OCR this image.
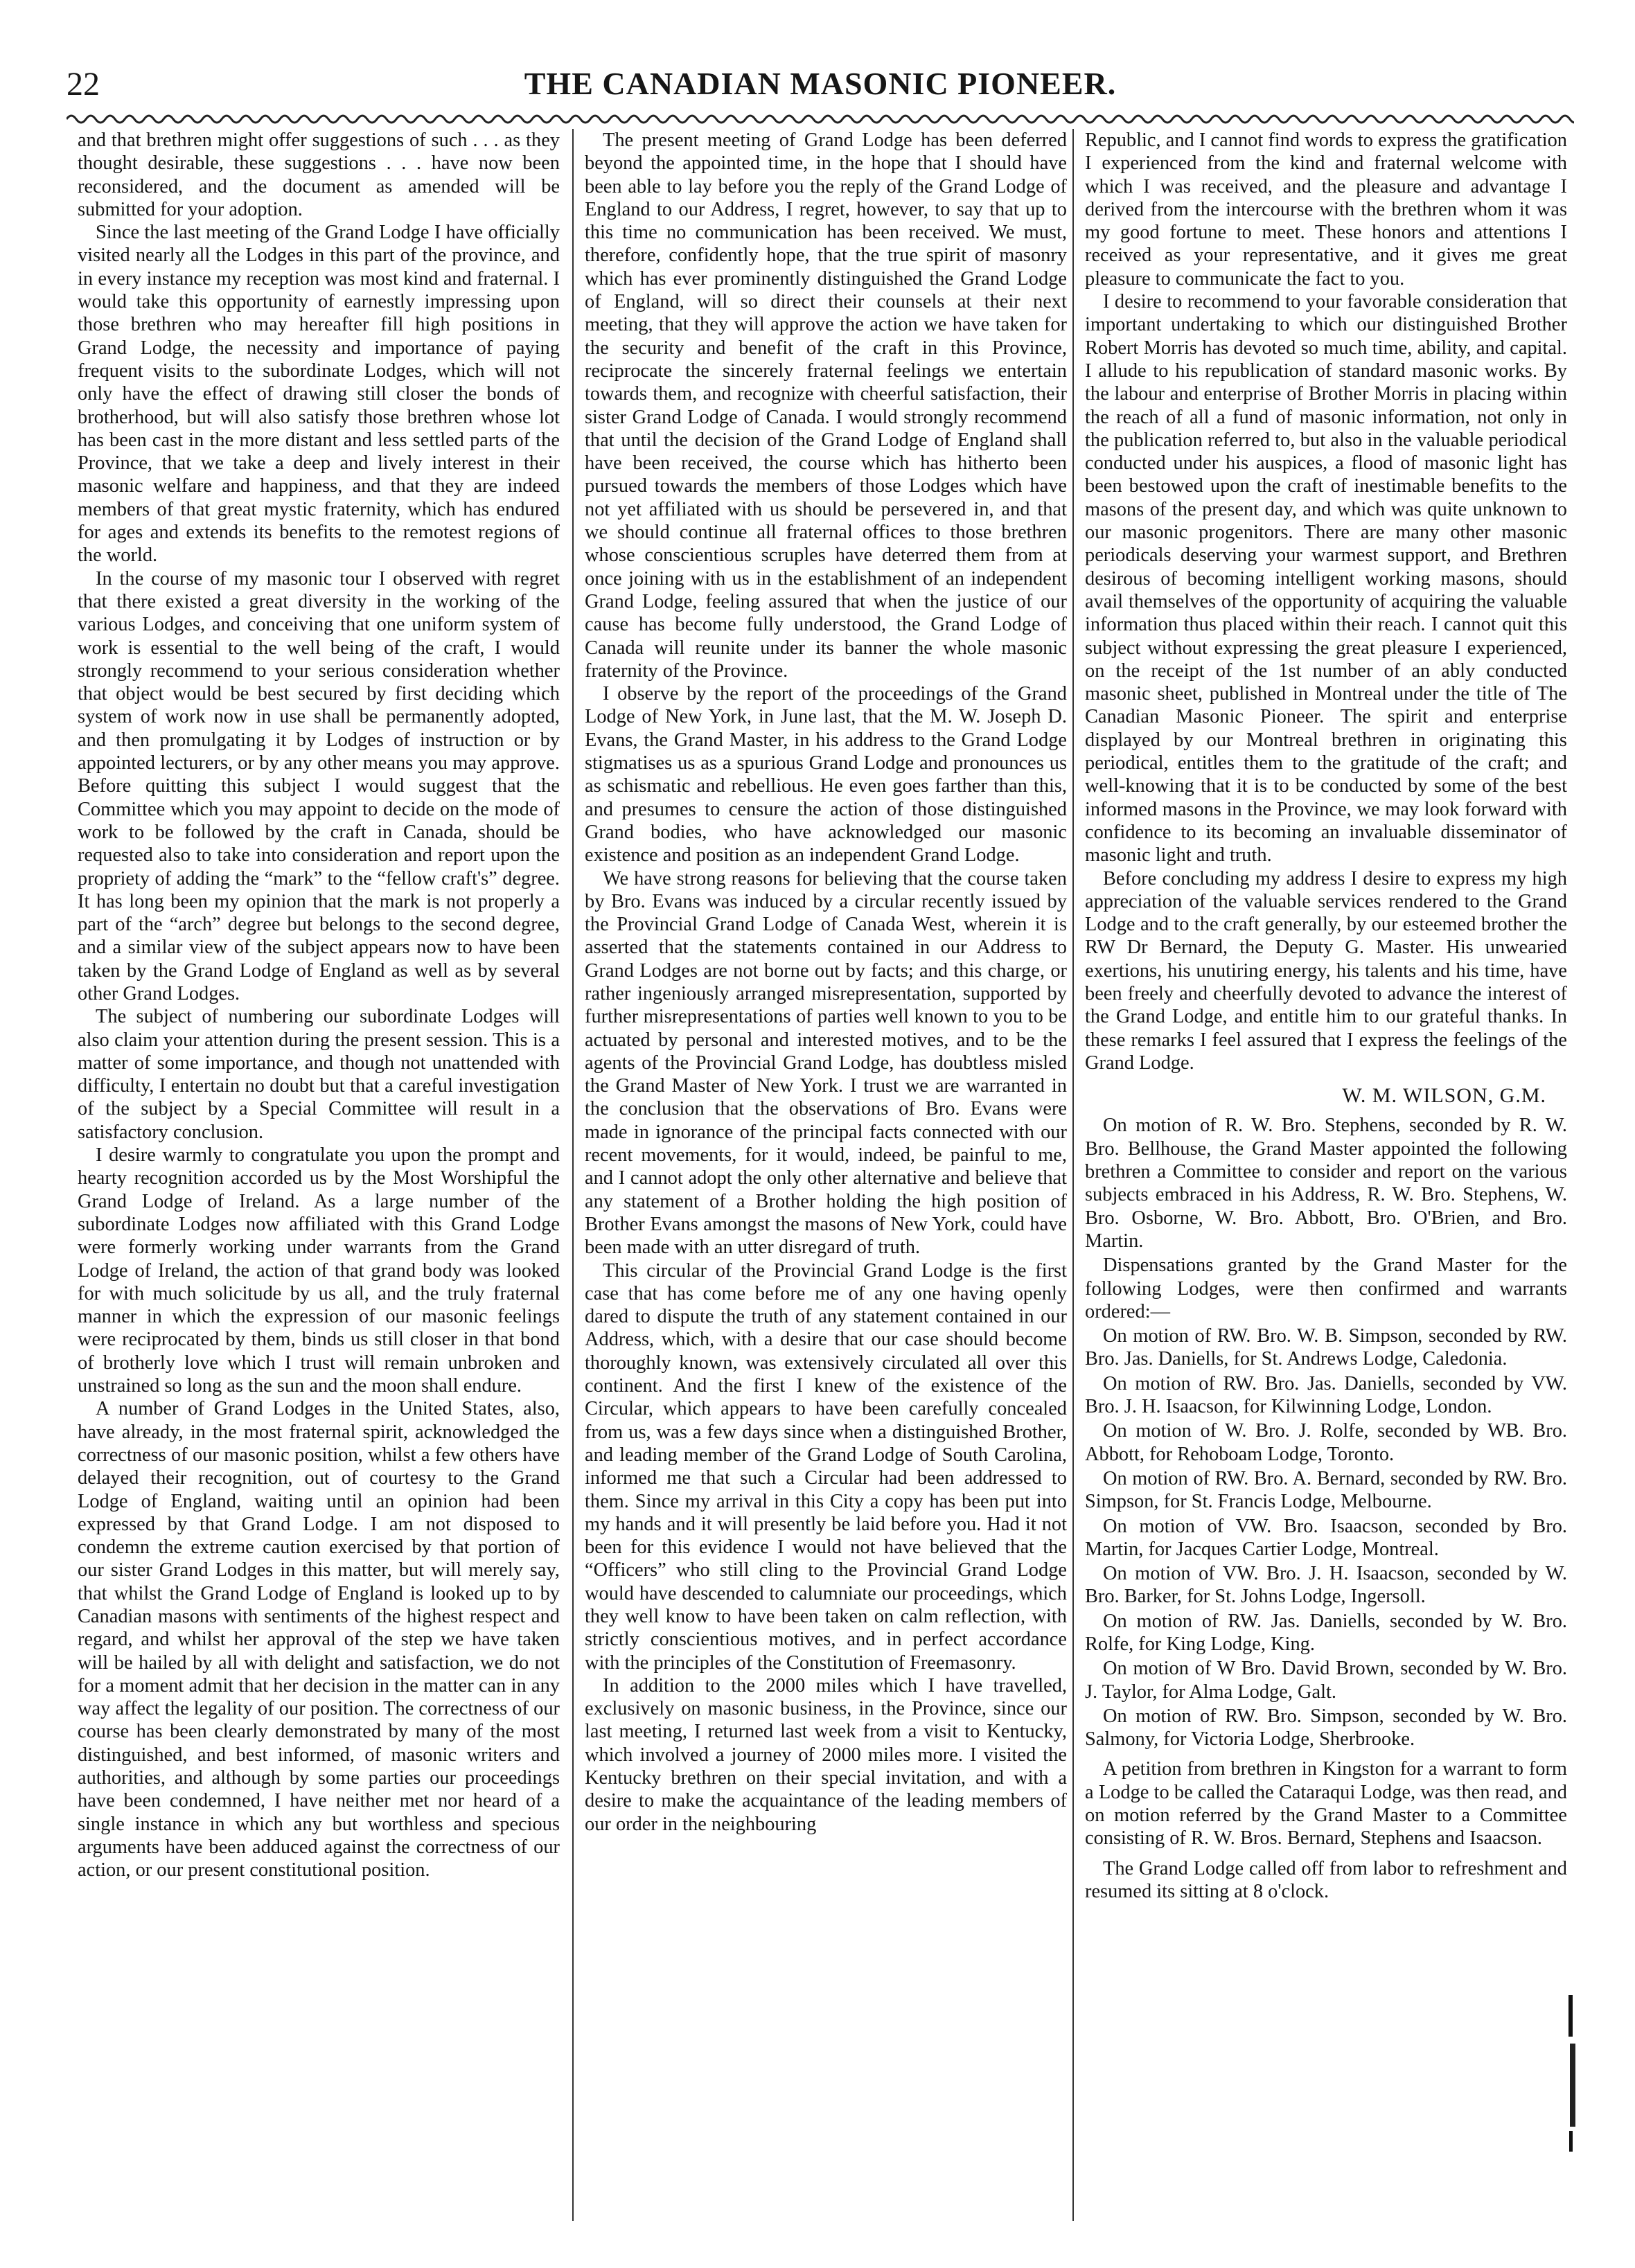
22	THE CANADIAN MASONIC PIONEER.

and that brethren might offer suggestions of such . . . as they thought desirable, these suggestions . . . have now been reconsidered, and the document as amended will be submitted for your adoption.

Since the last meeting of the Grand Lodge I have officially visited nearly all the Lodges in this part of the province, and in every instance my reception was most kind and fraternal. I would take this opportunity of earnestly impressing upon those brethren who may hereafter fill high positions in Grand Lodge, the necessity and importance of paying frequent visits to the subordinate Lodges, which will not only have the effect of drawing still closer the bonds of brotherhood, but will also satisfy those brethren whose lot has been cast in the more distant and less settled parts of the Province, that we take a deep and lively interest in their masonic welfare and happiness, and that they are indeed members of that great mystic fraternity, which has endured for ages and extends its benefits to the remotest regions of the world.

In the course of my masonic tour I observed with regret that there existed a great diversity in the working of the various Lodges, and conceiving that one uniform system of work is essential to the well being of the craft, I would strongly recommend to your serious consideration whether that object would be best secured by first deciding which system of work now in use shall be permanently adopted, and then promulgating it by Lodges of instruction or by appointed lecturers, or by any other means you may approve. Before quitting this subject I would suggest that the Committee which you may appoint to decide on the mode of work to be followed by the craft in Canada, should be requested also to take into consideration and report upon the propriety of adding the “mark” to the “fellow craft's” degree. It has long been my opinion that the mark is not properly a part of the “arch” degree but belongs to the second degree, and a similar view of the subject appears now to have been taken by the Grand Lodge of England as well as by several other Grand Lodges.

The subject of numbering our subordinate Lodges will also claim your attention during the present session. This is a matter of some importance, and though not unattended with difficulty, I entertain no doubt but that a careful investigation of the subject by a Special Committee will result in a satisfactory conclusion.

I desire warmly to congratulate you upon the prompt and hearty recognition accorded us by the Most Worshipful the Grand Lodge of Ireland. As a large number of the subordinate Lodges now affiliated with this Grand Lodge were formerly working under warrants from the Grand Lodge of Ireland, the action of that grand body was looked for with much solicitude by us all, and the truly fraternal manner in which the expression of our masonic feelings were reciprocated by them, binds us still closer in that bond of brotherly love which I trust will remain unbroken and unstrained so long as the sun and the moon shall endure.

A number of Grand Lodges in the United States, also, have already, in the most fraternal spirit, acknowledged the correctness of our masonic position, whilst a few others have delayed their recognition, out of courtesy to the Grand Lodge of England, waiting until an opinion had been expressed by that Grand Lodge. I am not disposed to condemn the extreme caution exercised by that portion of our sister Grand Lodges in this matter, but will merely say, that whilst the Grand Lodge of England is looked up to by Canadian masons with sentiments of the highest respect and regard, and whilst her approval of the step we have taken will be hailed by all with delight and satisfaction, we do not for a moment admit that her decision in the matter can in any way affect the legality of our position. The correctness of our course has been clearly demonstrated by many of the most distinguished, and best informed, of masonic writers and authorities, and although by some parties our proceedings have been condemned, I have neither met nor heard of a single instance in which any but worthless and specious arguments have been adduced against the correctness of our action, or our present constitutional position.

The present meeting of Grand Lodge has been deferred beyond the appointed time, in the hope that I should have been able to lay before you the reply of the Grand Lodge of England to our Address, I regret, however, to say that up to this time no communication has been received. We must, therefore, confidently hope, that the true spirit of masonry which has ever prominently distinguished the Grand Lodge of England, will so direct their counsels at their next meeting, that they will approve the action we have taken for the security and benefit of the craft in this Province, reciprocate the sincerely fraternal feelings we entertain towards them, and recognize with cheerful satisfaction, their sister Grand Lodge of Canada. I would strongly recommend that until the decision of the Grand Lodge of England shall have been received, the course which has hitherto been pursued towards the members of those Lodges which have not yet affiliated with us should be persevered in, and that we should continue all fraternal offices to those brethren whose conscientious scruples have deterred them from at once joining with us in the establishment of an independent Grand Lodge, feeling assured that when the justice of our cause has become fully understood, the Grand Lodge of Canada will reunite under its banner the whole masonic fraternity of the Province.

I observe by the report of the proceedings of the Grand Lodge of New York, in June last, that the M. W. Joseph D. Evans, the Grand Master, in his address to the Grand Lodge stigmatises us as a spurious Grand Lodge and pronounces us as schismatic and rebellious. He even goes farther than this, and presumes to censure the action of those distinguished Grand bodies, who have acknowledged our masonic existence and position as an independent Grand Lodge.

We have strong reasons for believing that the course taken by Bro. Evans was induced by a circular recently issued by the Provincial Grand Lodge of Canada West, wherein it is asserted that the statements contained in our Address to Grand Lodges are not borne out by facts; and this charge, or rather ingeniously arranged misrepresentation, supported by further misrepresentations of parties well known to you to be actuated by personal and interested motives, and to be the agents of the Provincial Grand Lodge, has doubtless misled the Grand Master of New York. I trust we are warranted in the conclusion that the observations of Bro. Evans were made in ignorance of the principal facts connected with our recent movements, for it would, indeed, be painful to me, and I cannot adopt the only other alternative and believe that any statement of a Brother holding the high position of Brother Evans amongst the masons of New York, could have been made with an utter disregard of truth.

This circular of the Provincial Grand Lodge is the first case that has come before me of any one having openly dared to dispute the truth of any statement contained in our Address, which, with a desire that our case should become thoroughly known, was extensively circulated all over this continent. And the first I knew of the existence of the Circular, which appears to have been carefully concealed from us, was a few days since when a distinguished Brother, and leading member of the Grand Lodge of South Carolina, informed me that such a Circular had been addressed to them. Since my arrival in this City a copy has been put into my hands and it will presently be laid before you. Had it not been for this evidence I would not have believed that the “Officers” who still cling to the Provincial Grand Lodge would have descended to calumniate our proceedings, which they well know to have been taken on calm reflection, with strictly conscientious motives, and in perfect accordance with the principles of the Constitution of Freemasonry.

In addition to the 2000 miles which I have travelled, exclusively on masonic business, in the Province, since our last meeting, I returned last week from a visit to Kentucky, which involved a journey of 2000 miles more. I visited the Kentucky brethren on their special invitation, and with a desire to make the acquaintance of the leading members of our order in the neighbouring

Republic, and I cannot find words to express the gratification I experienced from the kind and fraternal welcome with which I was received, and the pleasure and advantage I derived from the intercourse with the brethren whom it was my good fortune to meet. These honors and attentions I received as your representative, and it gives me great pleasure to communicate the fact to you.

I desire to recommend to your favorable consideration that important undertaking to which our distinguished Brother Robert Morris has devoted so much time, ability, and capital. I allude to his republication of standard masonic works. By the labour and enterprise of Brother Morris in placing within the reach of all a fund of masonic information, not only in the publication referred to, but also in the valuable periodical conducted under his auspices, a flood of masonic light has been bestowed upon the craft of inestimable benefits to the masons of the present day, and which was quite unknown to our masonic progenitors. There are many other masonic periodicals deserving your warmest support, and Brethren desirous of becoming intelligent working masons, should avail themselves of the opportunity of acquiring the valuable information thus placed within their reach. I cannot quit this subject without expressing the great pleasure I experienced, on the receipt of the 1st number of an ably conducted masonic sheet, published in Montreal under the title of The Canadian Masonic Pioneer. The spirit and enterprise displayed by our Montreal brethren in originating this periodical, entitles them to the gratitude of the craft; and well-knowing that it is to be conducted by some of the best informed masons in the Province, we may look forward with confidence to its becoming an invaluable disseminator of masonic light and truth.

Before concluding my address I desire to express my high appreciation of the valuable services rendered to the Grand Lodge and to the craft generally, by our esteemed brother the RW Dr Bernard, the Deputy G. Master. His unwearied exertions, his unutiring energy, his talents and his time, have been freely and cheerfully devoted to advance the interest of the Grand Lodge, and entitle him to our grateful thanks. In these remarks I feel assured that I express the feelings of the Grand Lodge.

W. M. WILSON, G.M.

On motion of R. W. Bro. Stephens, seconded by R. W. Bro. Bellhouse, the Grand Master appointed the following brethren a Committee to consider and report on the various subjects embraced in his Address, R. W. Bro. Stephens, W. Bro. Osborne, W. Bro. Abbott, Bro. O'Brien, and Bro. Martin.

Dispensations granted by the Grand Master for the following Lodges, were then confirmed and warrants ordered:—

On motion of RW. Bro. W. B. Simpson, seconded by RW. Bro. Jas. Daniells, for St. Andrews Lodge, Caledonia.

On motion of RW. Bro. Jas. Daniells, seconded by VW. Bro. J. H. Isaacson, for Kilwinning Lodge, London.

On motion of W. Bro. J. Rolfe, seconded by WB. Bro. Abbott, for Rehoboam Lodge, Toronto.

On motion of RW. Bro. A. Bernard, seconded by RW. Bro. Simpson, for St. Francis Lodge, Melbourne.

On motion of VW. Bro. Isaacson, seconded by Bro. Martin, for Jacques Cartier Lodge, Montreal.

On motion of VW. Bro. J. H. Isaacson, seconded by W. Bro. Barker, for St. Johns Lodge, Ingersoll.

On motion of RW. Jas. Daniells, seconded by W. Bro. Rolfe, for King Lodge, King.

On motion of W Bro. David Brown, seconded by W. Bro. J. Taylor, for Alma Lodge, Galt.

On motion of RW. Bro. Simpson, seconded by W. Bro. Salmony, for Victoria Lodge, Sherbrooke.

A petition from brethren in Kingston for a warrant to form a Lodge to be called the Cataraqui Lodge, was then read, and on motion referred by the Grand Master to a Committee consisting of R. W. Bros. Bernard, Stephens and Isaacson.

The Grand Lodge called off from labor to refreshment and resumed its sitting at 8 o'clock.
